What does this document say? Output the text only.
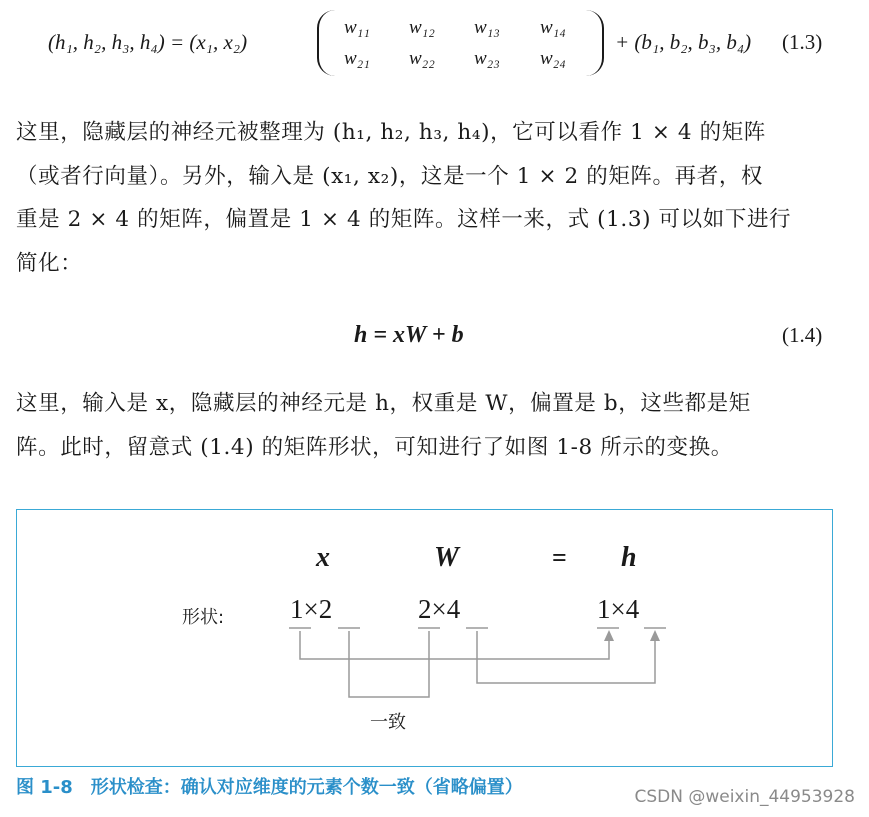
(h₁, h₂, h₃, h₄) = (x₁, x₂)
w₁₁ w₁₂ w₁₃ w₁₄
w₂₁ w₂₂ w₂₃ w₂₄
+ (b₁, b₂, b₃, b₄) (1.3)

这里，隐藏层的神经元被整理为 (h₁, h₂, h₃, h₄)，它可以看作 1 × 4 的矩阵

（或者行向量）。另外，输入是 (x₁, x₂)，这是一个 1 × 2 的矩阵。再者，权

重是 2 × 4 的矩阵，偏置是 1 × 4 的矩阵。这样一来，式 (1.3) 可以如下进行

简化：

h = xW + b	(1.4)

这里，输入是 x，隐藏层的神经元是 h，权重是 W，偏置是 b，这些都是矩

阵。此时，留意式 (1.4) 的矩阵形状，可知进行了如图 1-8 所示的变换。

x	W	= h
形状: 1×2	2×4	1×4
一致
图 1-8　形状检查：确认对应维度的元素个数一致（省略偏置）	CSDN @weixin_44953928
